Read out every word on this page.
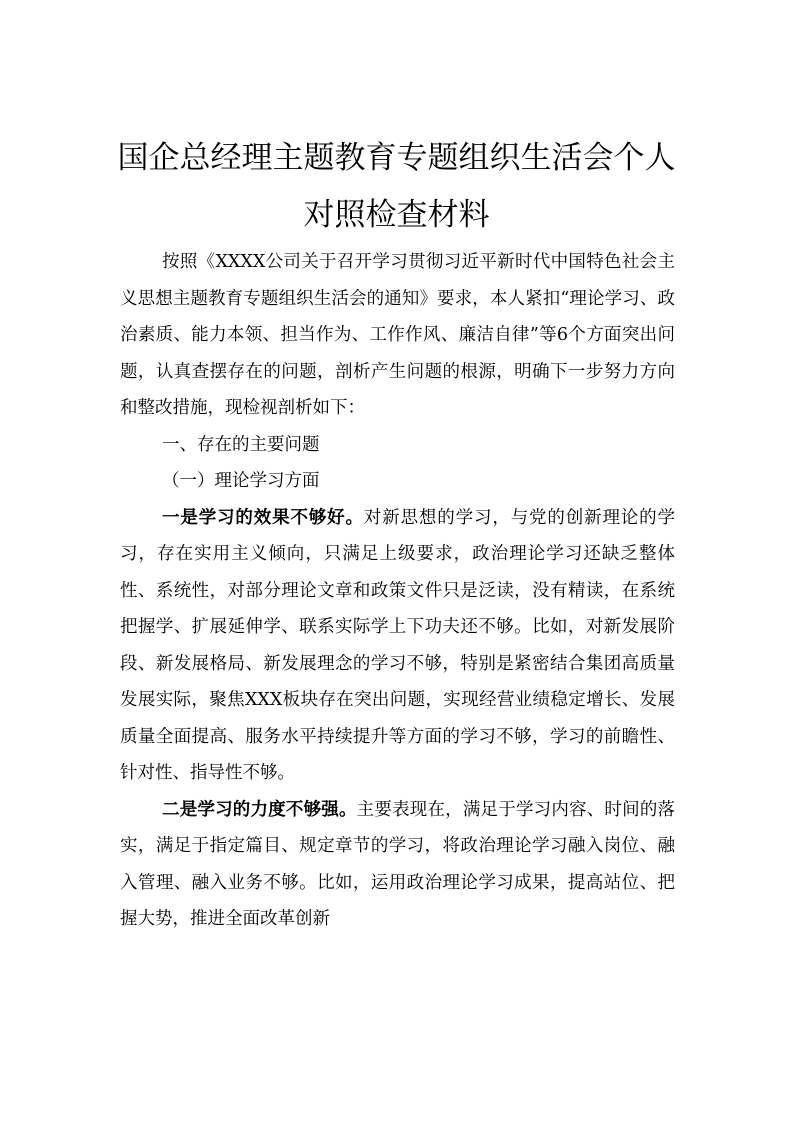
国企总经理主题教育专题组织生活会个人
对照检查材料

按照《XXXX公司关于召开学习贯彻习近平新时代中国特色社会主义思想主题教育专题组织生活会的通知》要求，本人紧扣“理论学习、政治素质、能力本领、担当作为、工作作风、廉洁自律”等6个方面突出问题，认真查摆存在的问题，剖析产生问题的根源，明确下一步努力方向和整改措施，现检视剖析如下：

一、存在的主要问题

（一）理论学习方面

一是学习的效果不够好。对新思想的学习，与党的创新理论的学习，存在实用主义倾向，只满足上级要求，政治理论学习还缺乏整体性、系统性，对部分理论文章和政策文件只是泛读，没有精读，在系统把握学、扩展延伸学、联系实际学上下功夫还不够。比如，对新发展阶段、新发展格局、新发展理念的学习不够，特别是紧密结合集团高质量发展实际，聚焦XXX板块存在突出问题，实现经营业绩稳定增长、发展质量全面提高、服务水平持续提升等方面的学习不够，学习的前瞻性、针对性、指导性不够。

二是学习的力度不够强。主要表现在，满足于学习内容、时间的落实，满足于指定篇目、规定章节的学习，将政治理论学习融入岗位、融入管理、融入业务不够。比如，运用政治理论学习成果，提高站位、把握大势，推进全面改革创新
